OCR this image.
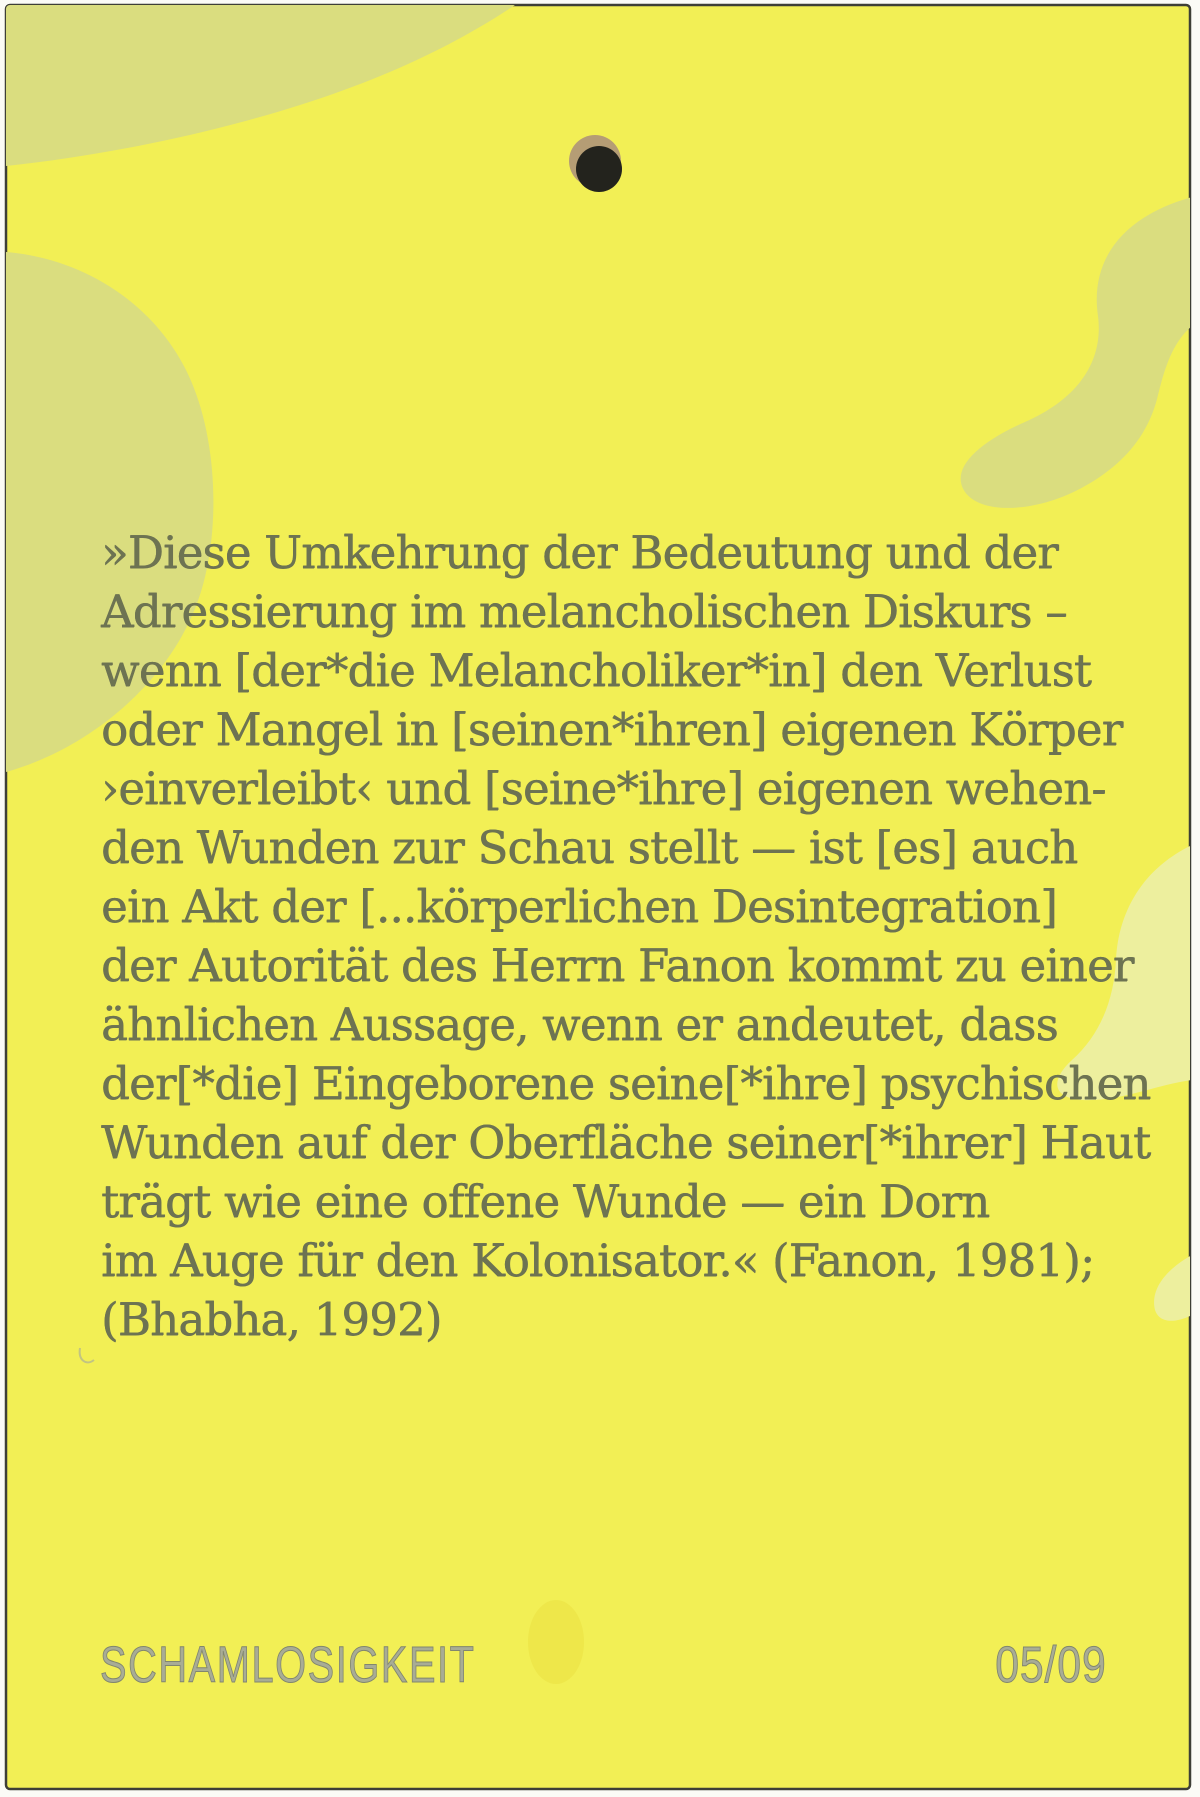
»Diese Umkehrung der Bedeutung und der
Adressierung im melancholischen Diskurs –
wenn [der*die Melancholiker*in] den Verlust
oder Mangel in [seinen*ihren] eigenen Körper
›einverleibt‹ und [seine*ihre] eigenen wehen-
den Wunden zur Schau stellt — ist [es] auch
ein Akt der [...körperlichen Desintegration]
der Autorität des Herrn Fanon kommt zu einer
ähnlichen Aussage, wenn er andeutet, dass
der[*die] Eingeborene seine[*ihre] psychischen
Wunden auf der Oberfläche seiner[*ihrer] Haut
trägt wie eine offene Wunde — ein Dorn
im Auge für den Kolonisator.« (Fanon, 1981);
(Bhabha, 1992)
SCHAMLOSIGKEIT	05/09
